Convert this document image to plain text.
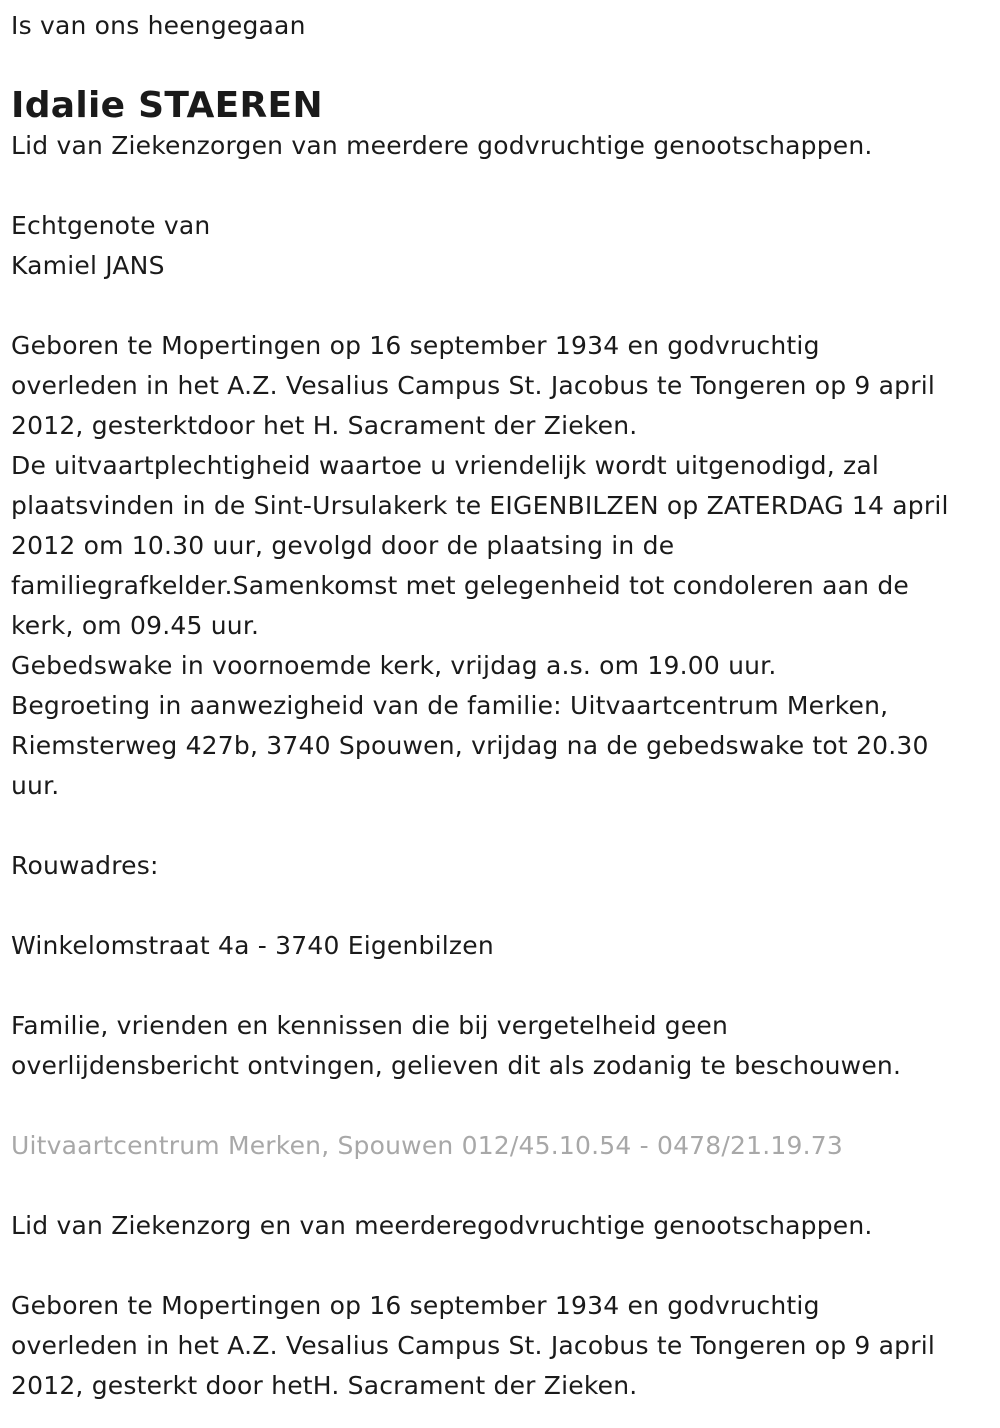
Is van ons heengegaan

Idalie STAEREN

Lid van Ziekenzorgen van meerdere godvruchtige genootschappen.

Echtgenote van

Kamiel JANS

Geboren te Mopertingen op 16 september 1934 en godvruchtig

overleden in het A.Z. Vesalius Campus St. Jacobus te Tongeren op 9 april

2012, gesterktdoor het H. Sacrament der Zieken.

De uitvaartplechtigheid waartoe u vriendelijk wordt uitgenodigd, zal

plaatsvinden in de Sint-Ursulakerk te EIGENBILZEN op ZATERDAG 14 april

2012 om 10.30 uur, gevolgd door de plaatsing in de

familiegrafkelder.Samenkomst met gelegenheid tot condoleren aan de

kerk, om 09.45 uur.

Gebedswake in voornoemde kerk, vrijdag a.s. om 19.00 uur.

Begroeting in aanwezigheid van de familie: Uitvaartcentrum Merken,

Riemsterweg 427b, 3740 Spouwen, vrijdag na de gebedswake tot 20.30

uur.

Rouwadres:

Winkelomstraat 4a - 3740 Eigenbilzen

Familie, vrienden en kennissen die bij vergetelheid geen

overlijdensbericht ontvingen, gelieven dit als zodanig te beschouwen.

Uitvaartcentrum Merken, Spouwen 012/45.10.54 - 0478/21.19.73

Lid van Ziekenzorg en van meerderegodvruchtige genootschappen.

Geboren te Mopertingen op 16 september 1934 en godvruchtig

overleden in het A.Z. Vesalius Campus St. Jacobus te Tongeren op 9 april

2012, gesterkt door hetH. Sacrament der Zieken.
